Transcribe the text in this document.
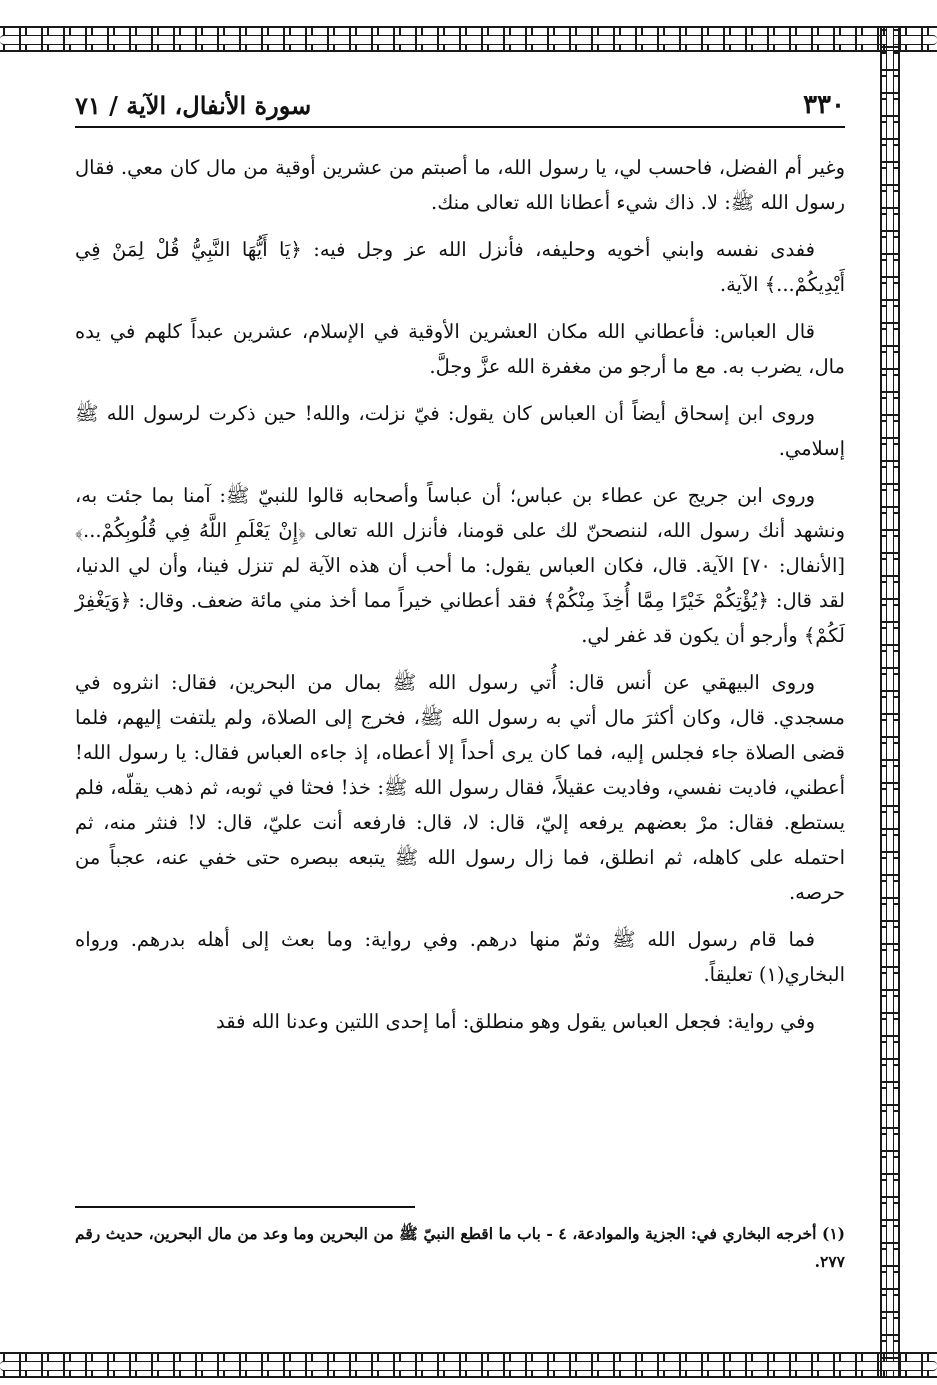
٣٣٠
سورة الأنفال، الآية / ٧١

وغير أم الفضل، فاحسب لي، يا رسول الله، ما أصبتم من عشرين أوقية من مال كان معي. فقال رسول الله ﷺ: لا. ذاك شيء أعطانا الله تعالى منك.

ففدى نفسه وابني أخويه وحليفه، فأنزل الله عز وجل فيه: ﴿يَا أَيُّهَا النَّبِيُّ قُلْ لِمَنْ فِي أَيْدِيكُمْ...﴾ الآية.

قال العباس: فأعطاني الله مكان العشرين الأوقية في الإسلام، عشرين عبداً كلهم في يده مال، يضرب به. مع ما أرجو من مغفرة الله عزَّ وجلَّ.

وروى ابن إسحاق أيضاً أن العباس كان يقول: فيّ نزلت، والله! حين ذكرت لرسول الله ﷺ إسلامي.

وروى ابن جريج عن عطاء بن عباس؛ أن عباساً وأصحابه قالوا للنبيّ ﷺ: آمنا بما جئت به، ونشهد أنك رسول الله، لننصحنّ لك على قومنا، فأنزل الله تعالى ﴿إِنْ يَعْلَمِ اللَّهُ فِي قُلُوبِكُمْ...﴾ [الأنفال: ٧٠] الآية. قال، فكان العباس يقول: ما أحب أن هذه الآية لم تنزل فينا، وأن لي الدنيا، لقد قال: ﴿يُؤْتِكُمْ خَيْرًا مِمَّا أُخِذَ مِنْكُمْ﴾ فقد أعطاني خيراً مما أخذ مني مائة ضعف. وقال: ﴿وَيَغْفِرْ لَكُمْ﴾ وأرجو أن يكون قد غفر لي.

وروى البيهقي عن أنس قال: أُتي رسول الله ﷺ بمال من البحرين، فقال: انثروه في مسجدي. قال، وكان أكثرَ مال أتي به رسول الله ﷺ، فخرج إلى الصلاة، ولم يلتفت إليهم، فلما قضى الصلاة جاء فجلس إليه، فما كان يرى أحداً إلا أعطاه، إذ جاءه العباس فقال: يا رسول الله! أعطني، فاديت نفسي، وفاديت عقيلاً، فقال رسول الله ﷺ: خذ! فحثا في ثوبه، ثم ذهب يقلّه، فلم يستطع. فقال: مرْ بعضهم يرفعه إليّ، قال: لا، قال: فارفعه أنت عليّ، قال: لا! فنثر منه، ثم احتمله على كاهله، ثم انطلق، فما زال رسول الله ﷺ يتبعه ببصره حتى خفي عنه، عجباً من حرصه.

فما قام رسول الله ﷺ وثمّ منها درهم. وفي رواية: وما بعث إلى أهله بدرهم. ورواه البخاري(١) تعليقاً.

وفي رواية: فجعل العباس يقول وهو منطلق: أما إحدى اللتين وعدنا الله فقد

(١) أخرجه البخاري في: الجزية والموادعة، ٤ - باب ما اقطع النبيّ ﷺ من البحرين وما وعد من مال البحرين، حديث رقم ٢٧٧.
